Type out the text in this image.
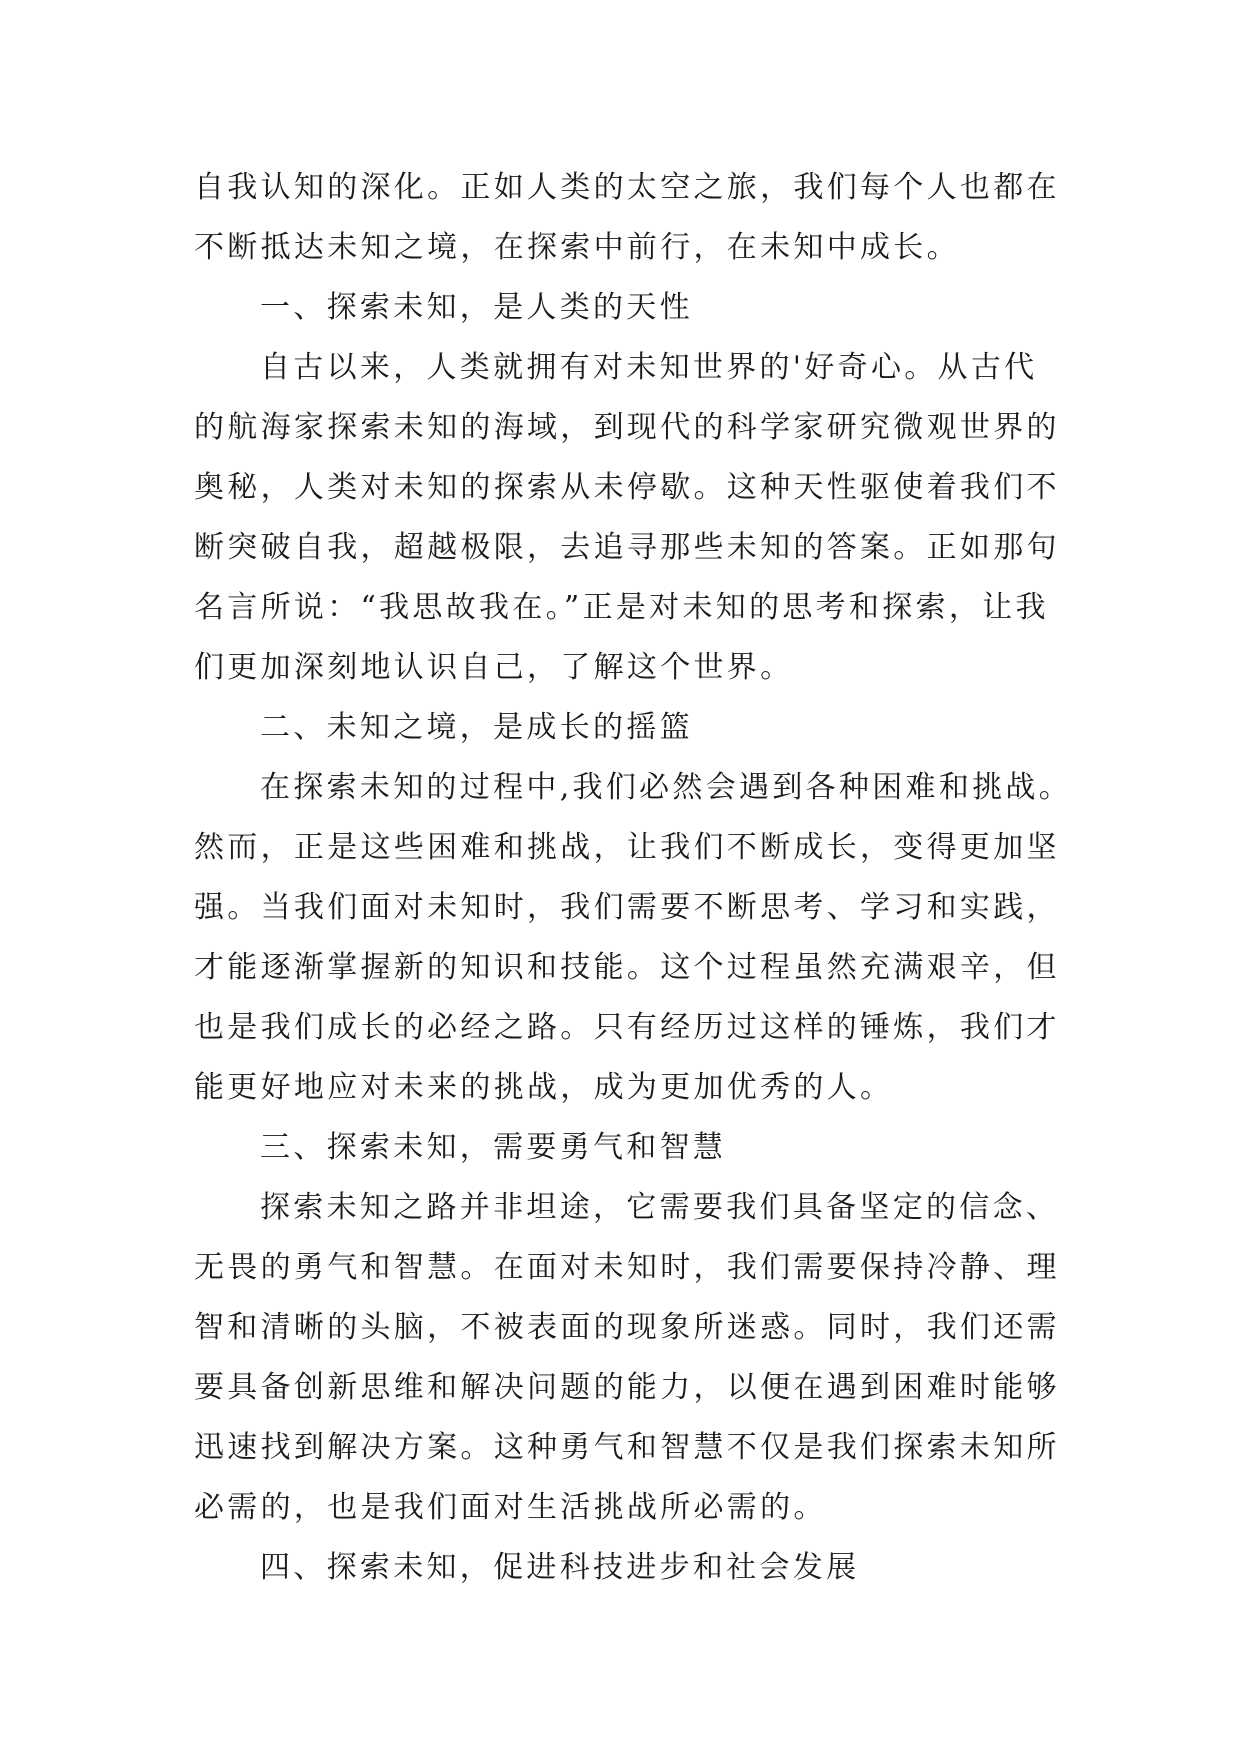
自我认知的深化。正如人类的太空之旅，我们每个人也都在
不断抵达未知之境，在探索中前行，在未知中成长。
一、探索未知，是人类的天性
自古以来，人类就拥有对未知世界的'好奇心。从古代
的航海家探索未知的海域，到现代的科学家研究微观世界的
奥秘，人类对未知的探索从未停歇。这种天性驱使着我们不
断突破自我，超越极限，去追寻那些未知的答案。正如那句
名言所说：“我思故我在。”正是对未知的思考和探索，让我
们更加深刻地认识自己，了解这个世界。
二、未知之境，是成长的摇篮
在探索未知的过程中,我们必然会遇到各种困难和挑战。
然而，正是这些困难和挑战，让我们不断成长，变得更加坚
强。当我们面对未知时，我们需要不断思考、学习和实践，
才能逐渐掌握新的知识和技能。这个过程虽然充满艰辛，但
也是我们成长的必经之路。只有经历过这样的锤炼，我们才
能更好地应对未来的挑战，成为更加优秀的人。
三、探索未知，需要勇气和智慧
探索未知之路并非坦途，它需要我们具备坚定的信念、
无畏的勇气和智慧。在面对未知时，我们需要保持冷静、理
智和清晰的头脑，不被表面的现象所迷惑。同时，我们还需
要具备创新思维和解决问题的能力，以便在遇到困难时能够
迅速找到解决方案。这种勇气和智慧不仅是我们探索未知所
必需的，也是我们面对生活挑战所必需的。
四、探索未知，促进科技进步和社会发展
